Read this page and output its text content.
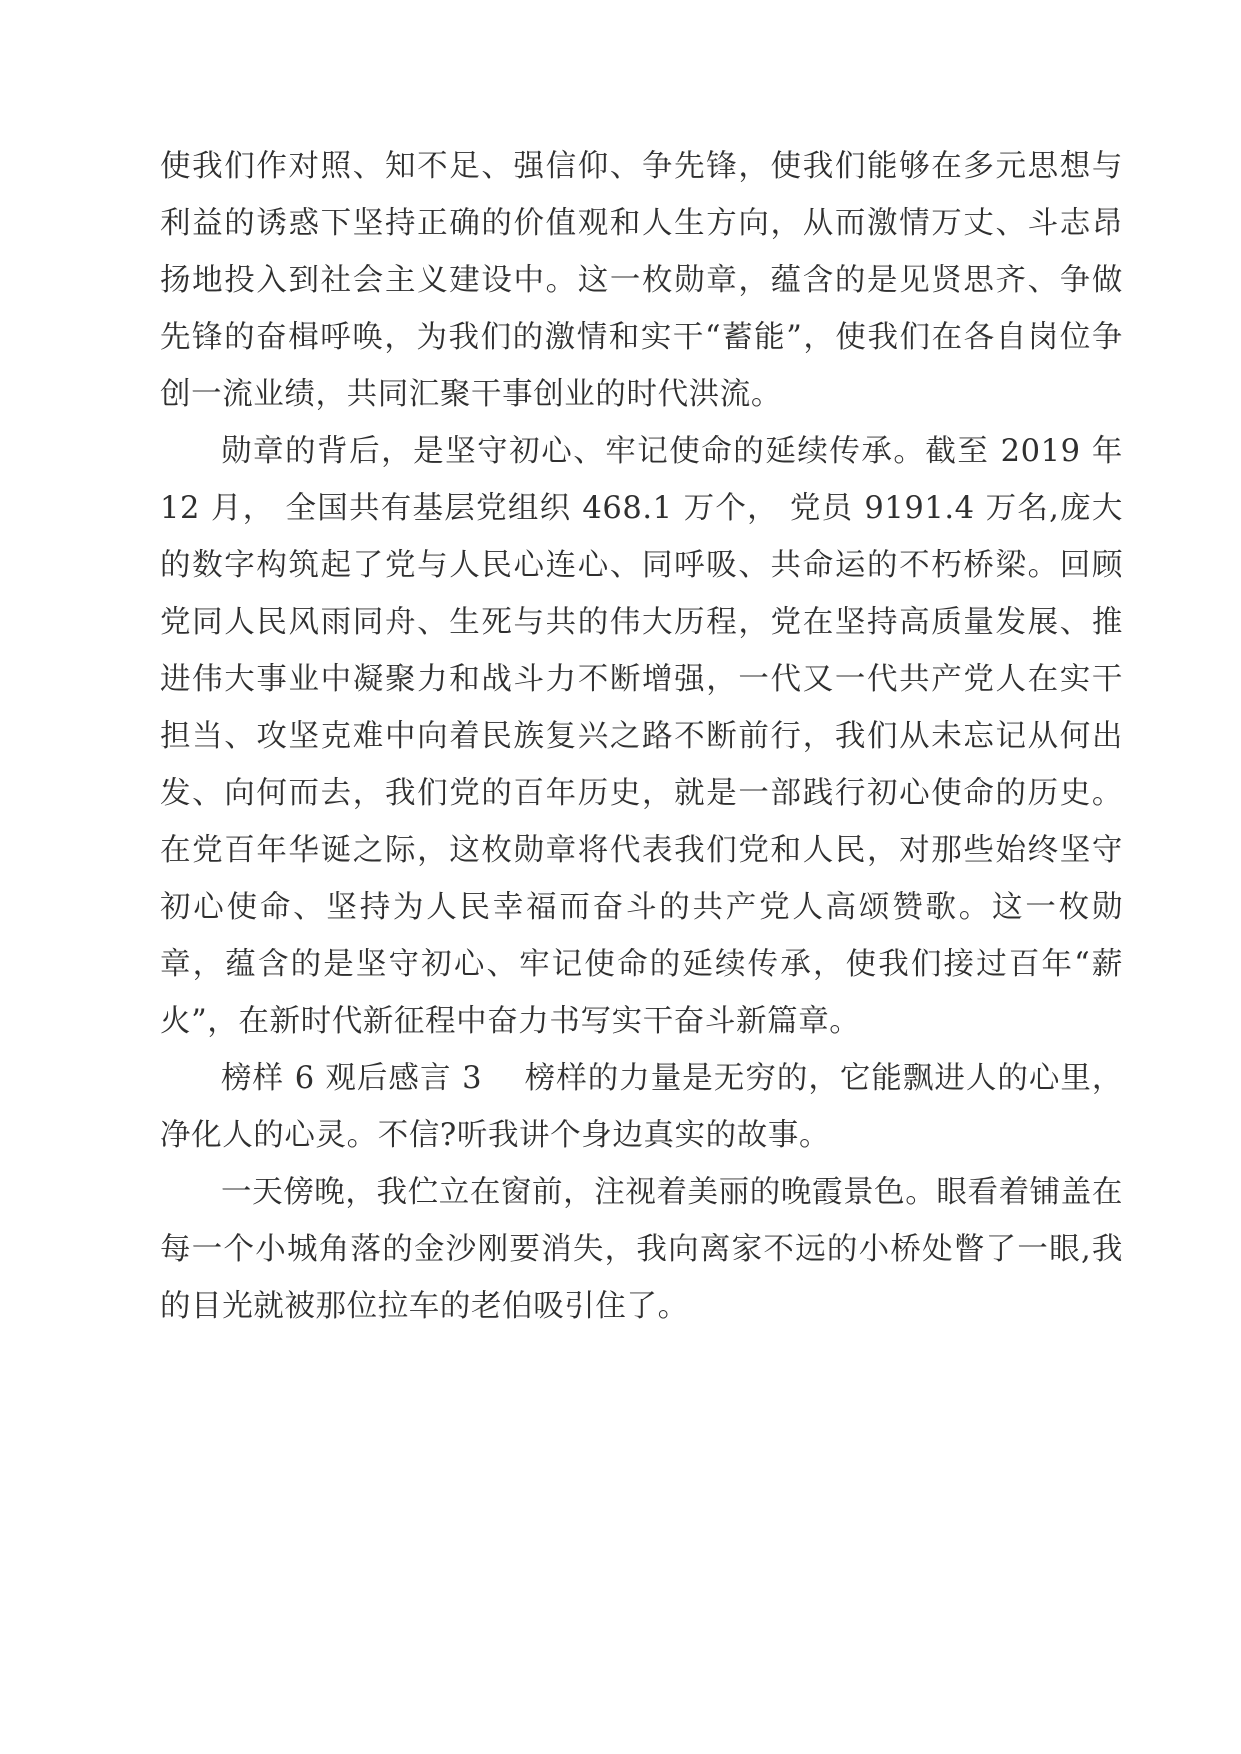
使我们作对照、知不足、强信仰、争先锋，使我们能够在多元思想与利益的诱惑下坚持正确的价值观和人生方向，从而激情万丈、斗志昂扬地投入到社会主义建设中。这一枚勋章，蕴含的是见贤思齐、争做先锋的奋楫呼唤，为我们的激情和实干“蓄能”，使我们在各自岗位争创一流业绩，共同汇聚干事创业的时代洪流。

勋章的背后，是坚守初心、牢记使命的延续传承。截至 2019 年 12 月， 全国共有基层党组织 468.1 万个， 党员 9191.4 万名,庞大的数字构筑起了党与人民心连心、同呼吸、共命运的不朽桥梁。回顾党同人民风雨同舟、生死与共的伟大历程，党在坚持高质量发展、推进伟大事业中凝聚力和战斗力不断增强，一代又一代共产党人在实干担当、攻坚克难中向着民族复兴之路不断前行，我们从未忘记从何出发、向何而去，我们党的百年历史，就是一部践行初心使命的历史。在党百年华诞之际，这枚勋章将代表我们党和人民，对那些始终坚守初心使命、坚持为人民幸福而奋斗的共产党人高颂赞歌。这一枚勋章，蕴含的是坚守初心、牢记使命的延续传承，使我们接过百年“薪火”，在新时代新征程中奋力书写实干奋斗新篇章。

榜样 6 观后感言 3　 榜样的力量是无穷的，它能飘进人的心里，净化人的心灵。不信?听我讲个身边真实的故事。

一天傍晚，我伫立在窗前，注视着美丽的晚霞景色。眼看着铺盖在每一个小城角落的金沙刚要消失，我向离家不远的小桥处瞥了一眼,我的目光就被那位拉车的老伯吸引住了。
